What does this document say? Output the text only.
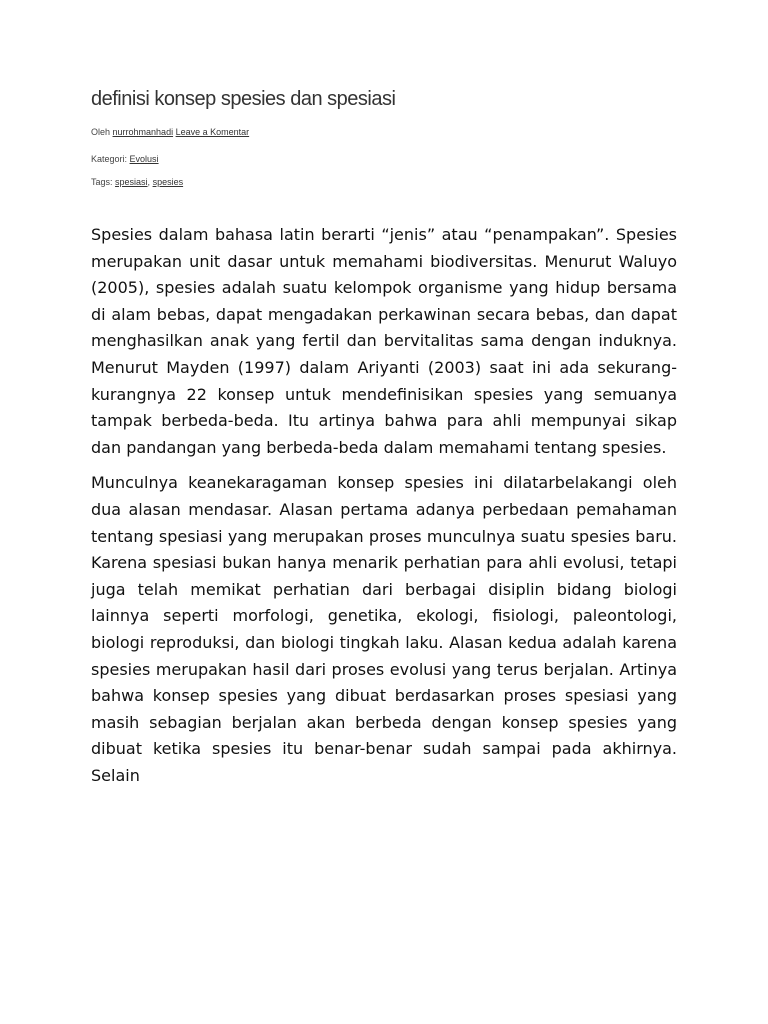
definisi konsep spesies dan spesiasi
Oleh nurrohmanhadi Leave a Komentar
Kategori: Evolusi
Tags: spesiasi, spesies

Spesies dalam bahasa latin berarti “jenis” atau “penampakan”. Spesies merupakan unit dasar untuk memahami biodiversitas. Menurut Waluyo (2005), spesies adalah suatu kelompok organisme yang hidup bersama di alam bebas, dapat mengadakan perkawinan secara bebas, dan dapat menghasilkan anak yang fertil dan bervitalitas sama dengan induknya. Menurut Mayden (1997) dalam Ariyanti (2003) saat ini ada sekurang-kurangnya 22 konsep untuk mendefinisikan spesies yang semuanya tampak berbeda-beda. Itu artinya bahwa para ahli mempunyai sikap dan pandangan yang berbeda-beda dalam memahami tentang spesies.

Munculnya keanekaragaman konsep spesies ini dilatarbelakangi oleh dua alasan mendasar. Alasan pertama adanya perbedaan pemahaman tentang spesiasi yang merupakan proses munculnya suatu spesies baru. Karena spesiasi bukan hanya menarik perhatian para ahli evolusi, tetapi juga telah memikat perhatian dari berbagai disiplin bidang biologi lainnya seperti morfologi, genetika, ekologi, fisiologi, paleontologi, biologi reproduksi, dan biologi tingkah laku. Alasan kedua adalah karena spesies merupakan hasil dari proses evolusi yang terus berjalan. Artinya bahwa konsep spesies yang dibuat berdasarkan proses spesiasi yang masih sebagian berjalan akan berbeda dengan konsep spesies yang dibuat ketika spesies itu benar-benar sudah sampai pada akhirnya. Selain
